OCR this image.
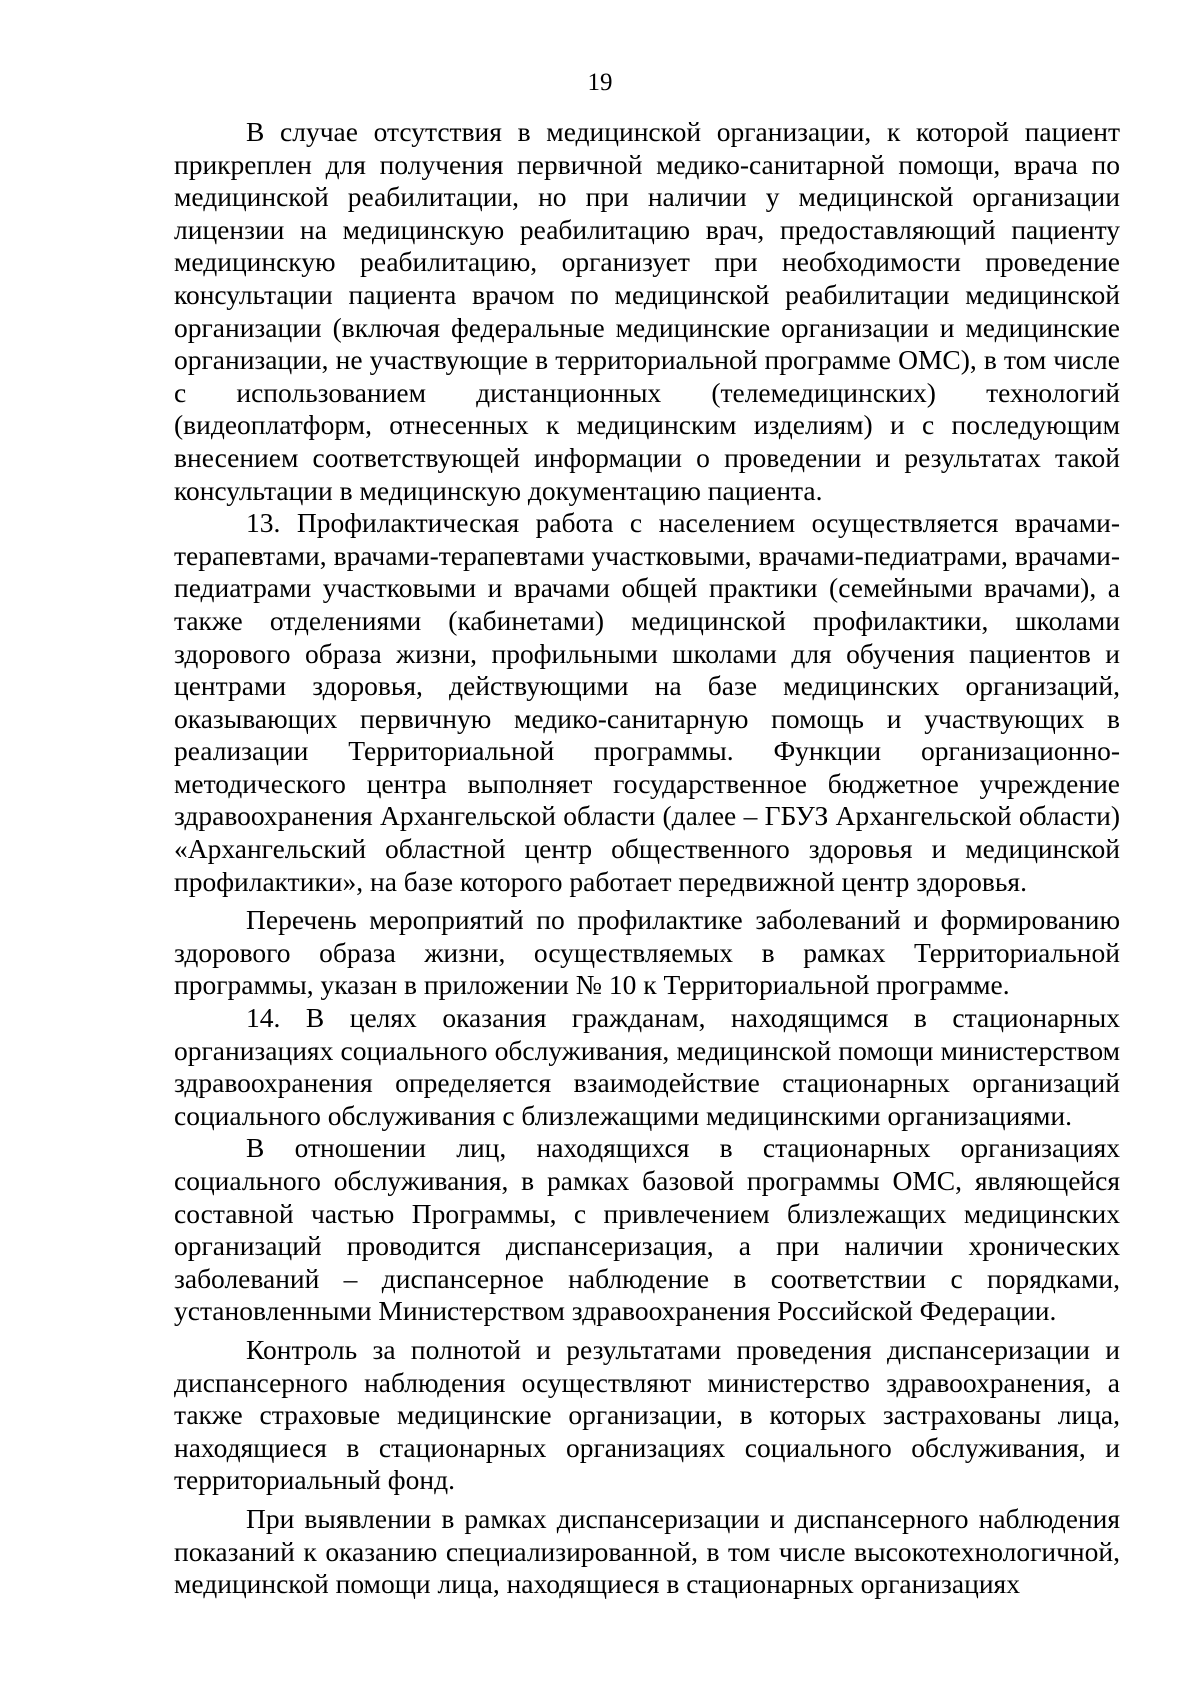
19

В случае отсутствия в медицинской организации, к которой пациент прикреплен для получения первичной медико-санитарной помощи, врача по медицинской реабилитации, но при наличии у медицинской организации лицензии на медицинскую реабилитацию врач, предоставляющий пациенту медицинскую реабилитацию, организует при необходимости проведение консультации пациента врачом по медицинской реабилитации медицинской организации (включая федеральные медицинские организации и медицинские организации, не участвующие в территориальной программе ОМС), в том числе с использованием дистанционных (телемедицинских) технологий (видеоплатформ, отнесенных к медицинским изделиям) и с последующим внесением соответствующей информации о проведении и результатах такой консультации в медицинскую документацию пациента.

13. Профилактическая работа с населением осуществляется врачами-терапевтами, врачами-терапевтами участковыми, врачами-педиатрами, врачами-педиатрами участковыми и врачами общей практики (семейными врачами), а также отделениями (кабинетами) медицинской профилактики, школами здорового образа жизни, профильными школами для обучения пациентов и центрами здоровья, действующими на базе медицинских организаций, оказывающих первичную медико-санитарную помощь и участвующих в реализации Территориальной программы. Функции организационно-методического центра выполняет государственное бюджетное учреждение здравоохранения Архангельской области (далее – ГБУЗ Архангельской области) «Архангельский областной центр общественного здоровья и медицинской профилактики», на базе которого работает передвижной центр здоровья.

Перечень мероприятий по профилактике заболеваний и формированию здорового образа жизни, осуществляемых в рамках Территориальной программы, указан в приложении № 10 к Территориальной программе.

14. В целях оказания гражданам, находящимся в стационарных организациях социального обслуживания, медицинской помощи министерством здравоохранения определяется взаимодействие стационарных организаций социального обслуживания с близлежащими медицинскими организациями.

В отношении лиц, находящихся в стационарных организациях социального обслуживания, в рамках базовой программы ОМС, являющейся составной частью Программы, с привлечением близлежащих медицинских организаций проводится диспансеризация, а при наличии хронических заболеваний – диспансерное наблюдение в соответствии с порядками, установленными Министерством здравоохранения Российской Федерации.

Контроль за полнотой и результатами проведения диспансеризации и диспансерного наблюдения осуществляют министерство здравоохранения, а также страховые медицинские организации, в которых застрахованы лица, находящиеся в стационарных организациях социального обслуживания, и территориальный фонд.

При выявлении в рамках диспансеризации и диспансерного наблюдения показаний к оказанию специализированной, в том числе высокотехнологичной, медицинской помощи лица, находящиеся в стационарных организациях
